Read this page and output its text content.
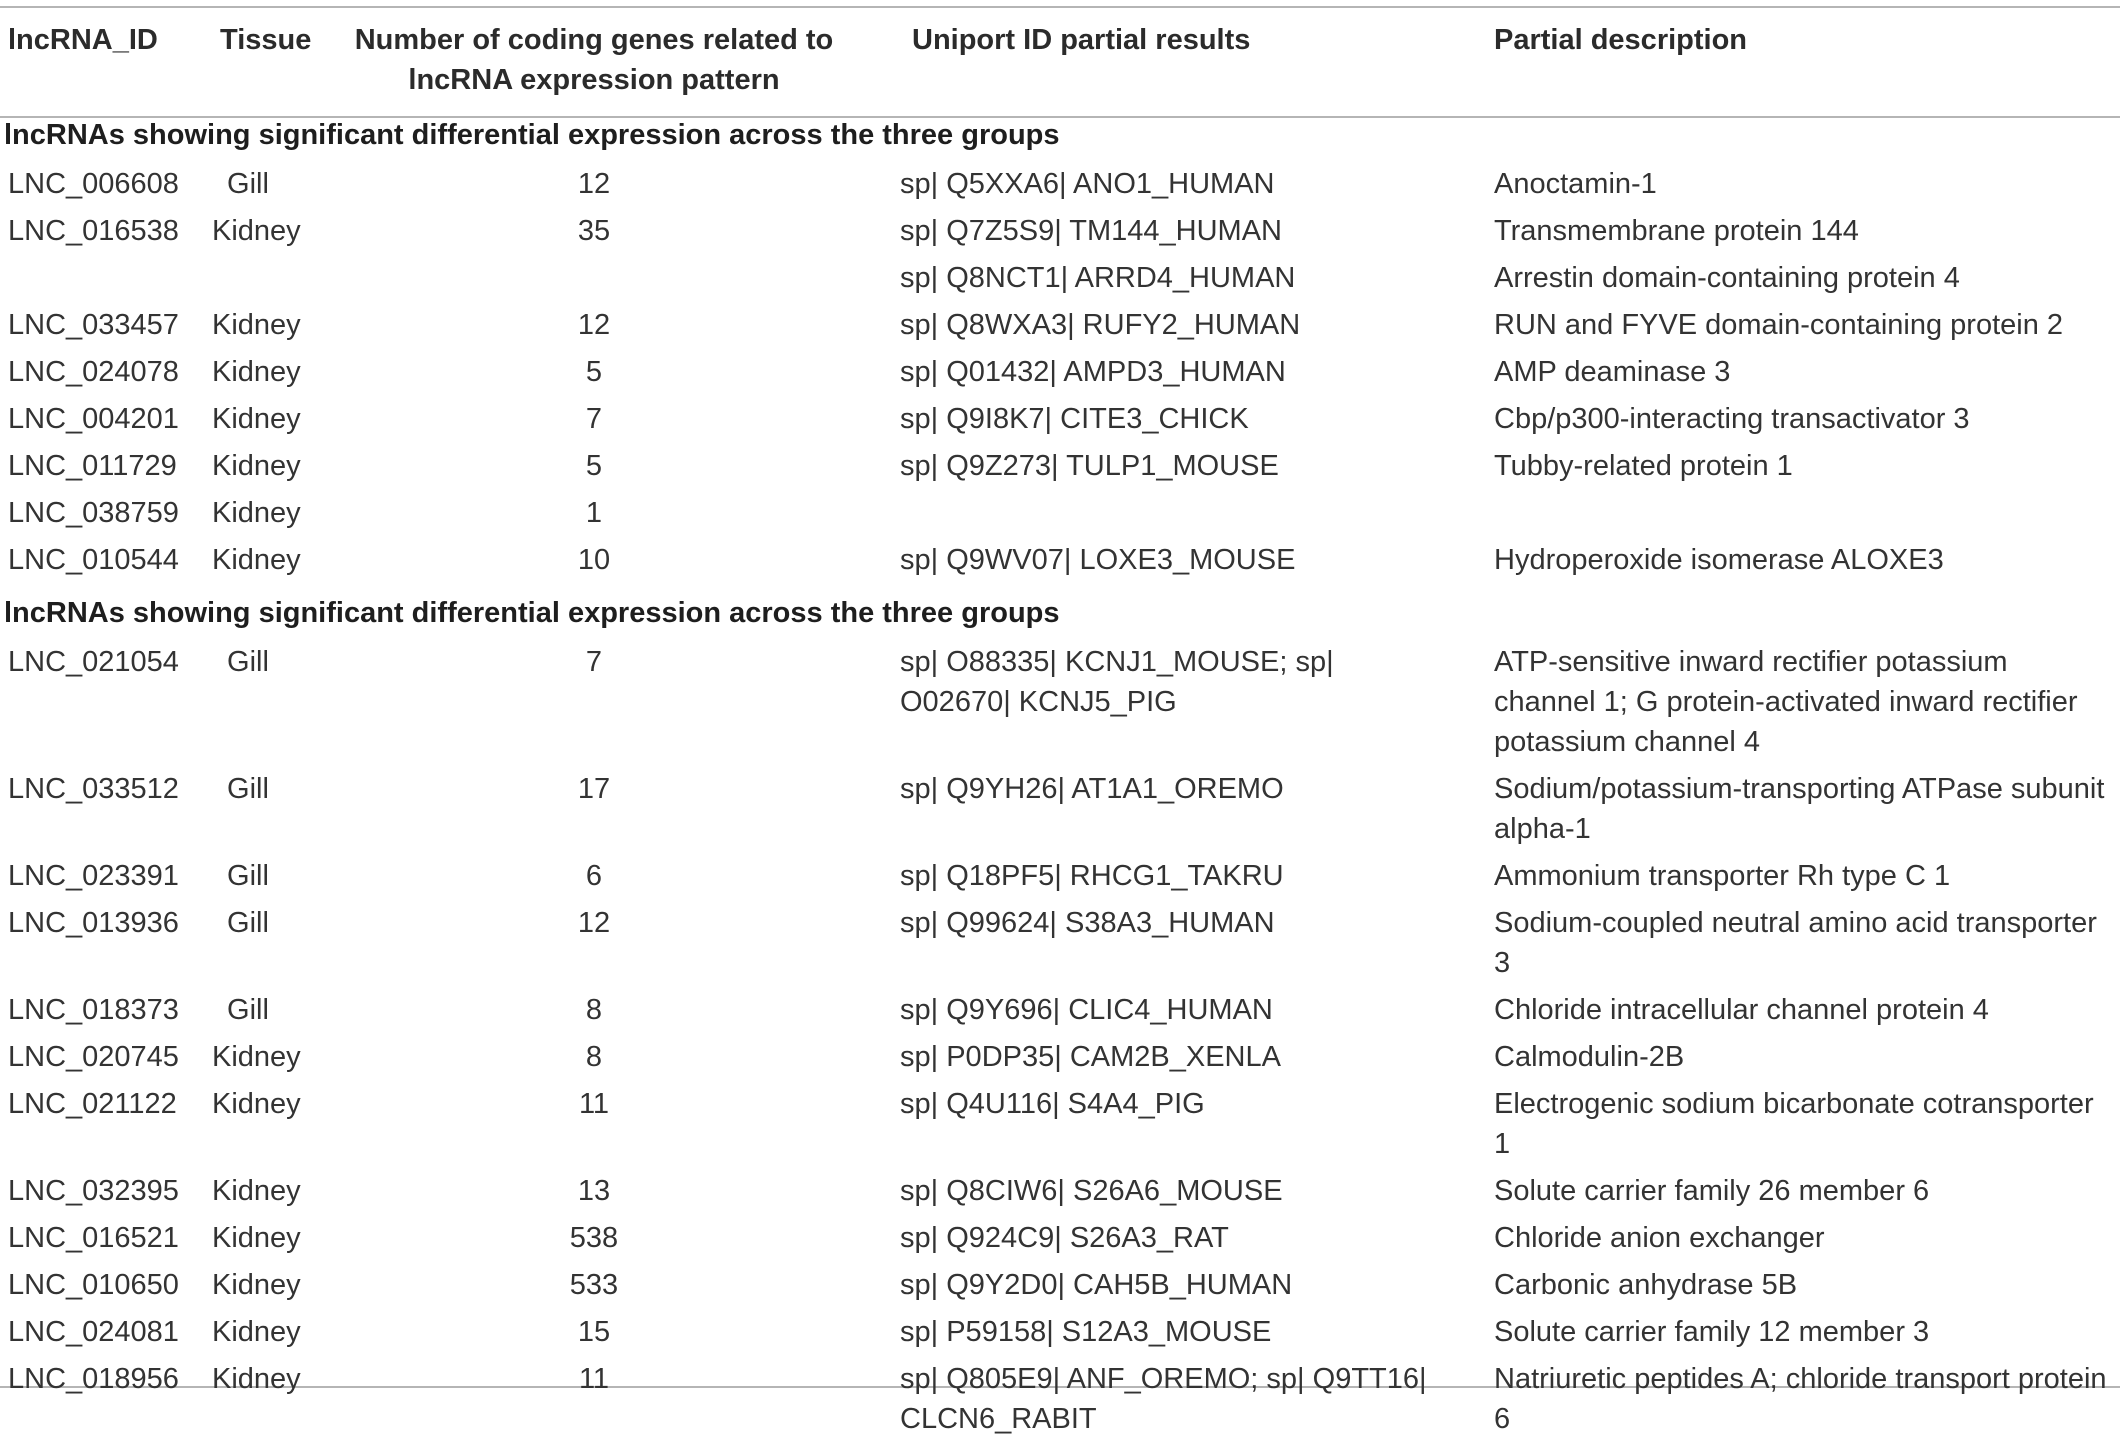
lncRNA_ID	Tissue	Number of coding genes related to lncRNA expression pattern	Uniport ID partial results	Partial description
lncRNAs showing significant differential expression across the three groups				
LNC_006608	Gill	12	sp| Q5XXA6| ANO1_HUMAN	Anoctamin-1
LNC_016538	Kidney	35	sp| Q7Z5S9| TM144_HUMAN	Transmembrane protein 144
			sp| Q8NCT1| ARRD4_HUMAN	Arrestin domain-containing protein 4
LNC_033457	Kidney	12	sp| Q8WXA3| RUFY2_HUMAN	RUN and FYVE domain-containing protein 2
LNC_024078	Kidney	5	sp| Q01432| AMPD3_HUMAN	AMP deaminase 3
LNC_004201	Kidney	7	sp| Q9I8K7| CITE3_CHICK	Cbp/p300-interacting transactivator 3
LNC_011729	Kidney	5	sp| Q9Z273| TULP1_MOUSE	Tubby-related protein 1
LNC_038759	Kidney	1		
LNC_010544	Kidney	10	sp| Q9WV07| LOXE3_MOUSE	Hydroperoxide isomerase ALOXE3
lncRNAs showing significant differential expression across the three groups				
LNC_021054	Gill	7	sp| O88335| KCNJ1_MOUSE; sp| O02670| KCNJ5_PIG	ATP-sensitive inward rectifier potassium channel 1; G protein-activated inward rectifier potassium channel 4
LNC_033512	Gill	17	sp| Q9YH26| AT1A1_OREMO	Sodium/potassium-transporting ATPase subunit alpha-1
LNC_023391	Gill	6	sp| Q18PF5| RHCG1_TAKRU	Ammonium transporter Rh type C 1
LNC_013936	Gill	12	sp| Q99624| S38A3_HUMAN	Sodium-coupled neutral amino acid transporter 3
LNC_018373	Gill	8	sp| Q9Y696| CLIC4_HUMAN	Chloride intracellular channel protein 4
LNC_020745	Kidney	8	sp| P0DP35| CAM2B_XENLA	Calmodulin-2B
LNC_021122	Kidney	11	sp| Q4U116| S4A4_PIG	Electrogenic sodium bicarbonate cotransporter 1
LNC_032395	Kidney	13	sp| Q8CIW6| S26A6_MOUSE	Solute carrier family 26 member 6
LNC_016521	Kidney	538	sp| Q924C9| S26A3_RAT	Chloride anion exchanger
LNC_010650	Kidney	533	sp| Q9Y2D0| CAH5B_HUMAN	Carbonic anhydrase 5B
LNC_024081	Kidney	15	sp| P59158| S12A3_MOUSE	Solute carrier family 12 member 3
LNC_018956	Kidney	11	sp| Q805E9| ANF_OREMO; sp| Q9TT16| CLCN6_RABIT	Natriuretic peptides A; chloride transport protein 6
